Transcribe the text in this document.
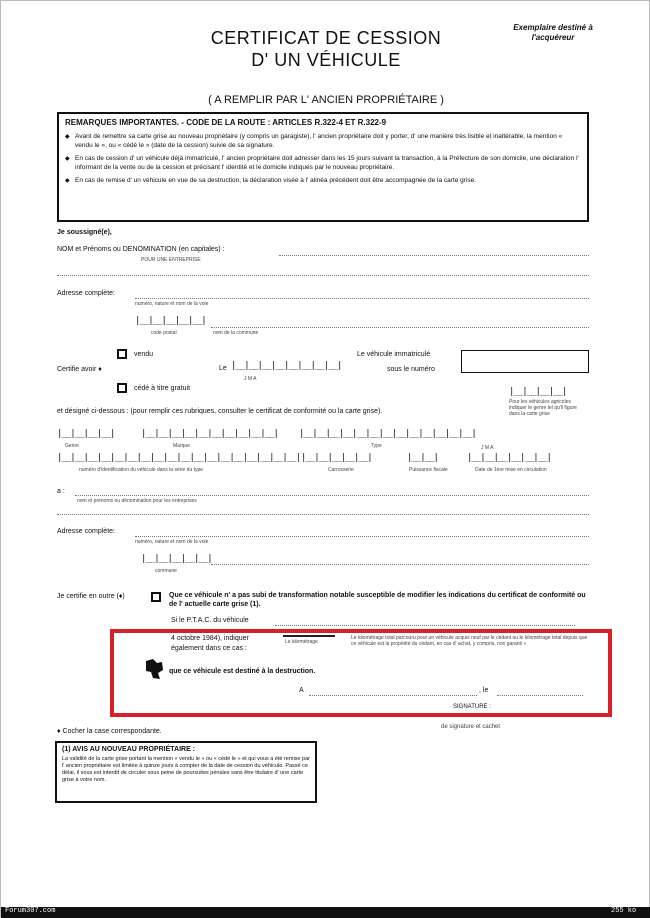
CERTIFICAT DE CESSION
D' UN VÉHICULE
Exemplaire destiné à l'acquéreur
( A REMPLIR PAR L' ANCIEN PROPRIÉTAIRE )
REMARQUES IMPORTANTES. - CODE DE LA ROUTE : ARTICLES R.322-4 ET R.322-9
◆ Avant de remettre sa carte grise au nouveau propriétaire (y compris un garagiste), l' ancien propriétaire doit y porter, d' une manière très lisible et inaltérable, la mention « vendu le », ou « cédé le » (date de la cession) suivie de sa signature.
◆ En cas de cession d' un véhicule déjà immatriculé, l' ancien propriétaire doit adresser dans les 15 jours suivant la transaction, à la Préfecture de son domicile, une déclaration l' informant de la vente ou de la cession et précisant l' identité et le domicile indiqués par le nouveau propriétaire.
◆ En cas de remise d' un véhicule en vue de sa destruction, la déclaration visée à l' alinéa précédent doit être accompagnée de la carte grise.
Je soussigné(e),
NOM et Prénoms ou DENOMINATION (en capitales) :
POUR UNE ENTREPRISE
Adresse complète:
numéro, nature et nom de la voie
|__|__|__|__|__|
code postal	nom de la commune
vendu
Certifie avoir ♦	Le |__|__|__|__|__|__|__|__|
J M A
cédé à titre gratuit
Le véhicule immatriculé
sous le numéro
|__|__|__|__|
Pour les véhicules agricoles indiquer le genre tel qu'il figure dans la carte grise
et désigné ci-dessous : (pour remplir ces rubriques, consulter le certificat de conformité ou la carte grise).
|__|__|__|__|
Genre
|__|__|__|__|__|__|__|__|__|__|
Marque
|__|__|__|__|__|__|__|__|__|__|__|__|__|
Type
|__|__|__|__|__|__|__|__|__|__|__|__|__|__|__|__|__|__|
numéro d'identification du véhicule dans la série du type
|__|__|__|__|__|
Carrosserie
|__|__|
Puissance fiscale
J M A
|__|__|__|__|__|__|
Date de 1ère mise en circulation
a :
nom et prénoms ou dénomination pour les entreprises
Adresse complète:
numéro, nature et nom de la voie
|__|__|__|__|__|
commune
Je certifie en outre (♦)	Que ce véhicule n' a pas subi de transformation notable susceptible de modifier les indications du certificat de conformité ou de l' actuelle carte grise (1).
Si le P.T.A.C. du véhicule
4 octobre 1984), indiquer
également dans ce cas :
Le kilométrage
Le kilométrage total parcouru pour un véhicule acquis neuf par le cédant ou le kilométrage total depuis que ce véhicule est la propriété du cédant, en cas d' achat, y compris, non garanti »
que ce véhicule est destiné à la destruction.
A	, le
SIGNATURE :
♦ Cocher la case correspondante.
de signature et cachet
(1) AVIS AU NOUVEAU PROPRIÉTAIRE :
La validité de la carte grise portant la mention « vendu le » ou « cédé le » et qui vous a été remise par l' ancien propriétaire est limitée à quinze jours à compter de la date de cession du véhicule. Passé ce délai, il vous est interdit de circuler sous peine de poursuites pénales sans être titulaire d' une carte grise à votre nom.
Forum307.com	255 ko
